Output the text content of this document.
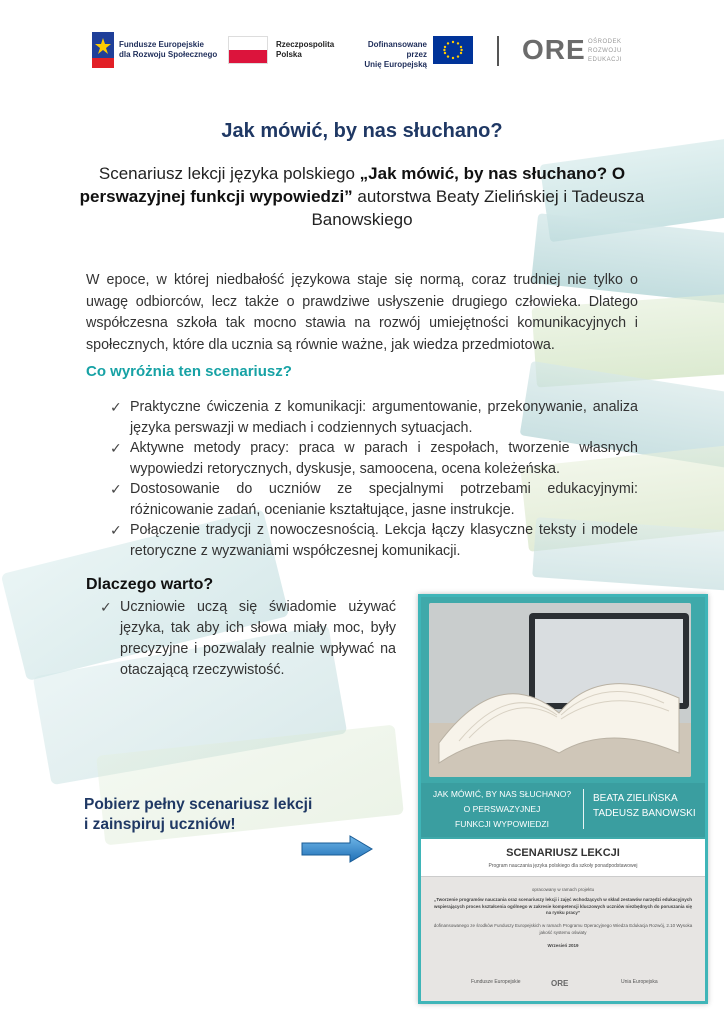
Fundusze Europejskie
dla Rozwoju Społecznego
Rzeczpospolita
Polska
Dofinansowane przez
Unię Europejską	ORE OŚRODEK
ROZWOJU
EDUKACJI
Jak mówić, by nas słuchano?
Scenariusz lekcji języka polskiego „Jak mówić, by nas słuchano? O perswazyjnej funkcji wypowiedzi” autorstwa Beaty Zielińskiej i Tadeusza Banowskiego

W epoce, w której niedbałość językowa staje się normą, coraz trudniej nie tylko o uwagę odbiorców, lecz także o prawdziwe usłyszenie drugiego człowieka. Dlatego współczesna szkoła tak mocno stawia na rozwój umiejętności komunikacyjnych i społecznych, które dla ucznia są równie ważne, jak wiedza przedmiotowa.

Co wyróżnia ten scenariusz?
✓ Praktyczne ćwiczenia z komunikacji: argumentowanie, przekonywanie, analiza języka perswazji w mediach i codziennych sytuacjach.
✓ Aktywne metody pracy: praca w parach i zespołach, tworzenie własnych wypowiedzi retorycznych, dyskusje, samoocena, ocena koleżeńska.
✓ Dostosowanie do uczniów ze specjalnymi potrzebami edukacyjnymi: różnicowanie zadań, ocenianie kształtujące, jasne instrukcje.
✓ Połączenie tradycji z nowoczesnością. Lekcja łączy klasyczne teksty i modele retoryczne z wyzwaniami współczesnej komunikacji.
Dlaczego warto?
✓ Uczniowie uczą się świadomie używać języka, tak aby ich słowa miały moc, były precyzyjne i pozwalały realnie wpływać na otaczającą rzeczywistość.
Pobierz pełny scenariusz lekcji
i zainspiruj uczniów!
JAK MÓWIĆ, BY NAS SŁUCHANO?
O PERSWAZYJNEJ
FUNKCJI WYPOWIEDZI
BEATA ZIELIŃSKA
TADEUSZ BANOWSKI
SCENARIUSZ LEKCJI
Program nauczania języka polskiego dla szkoły ponadpodstawowej
opracowany w ramach projektu
„Tworzenie programów nauczania oraz scenariuszy lekcji i zajęć wchodzących w skład zestawów narzędzi edukacyjnych wspierających proces kształcenia ogólnego w zakresie kompetencji kluczowych uczniów niezbędnych do poruszania się na rynku pracy”
dofinansowanego ze środków Funduszy Europejskich w ramach Programu Operacyjnego Wiedza Edukacja Rozwój, 2.10 Wysoka jakość systemu oświaty
Wrzesień 2019
Fundusze Europejskie	ORE	Unia Europejska
